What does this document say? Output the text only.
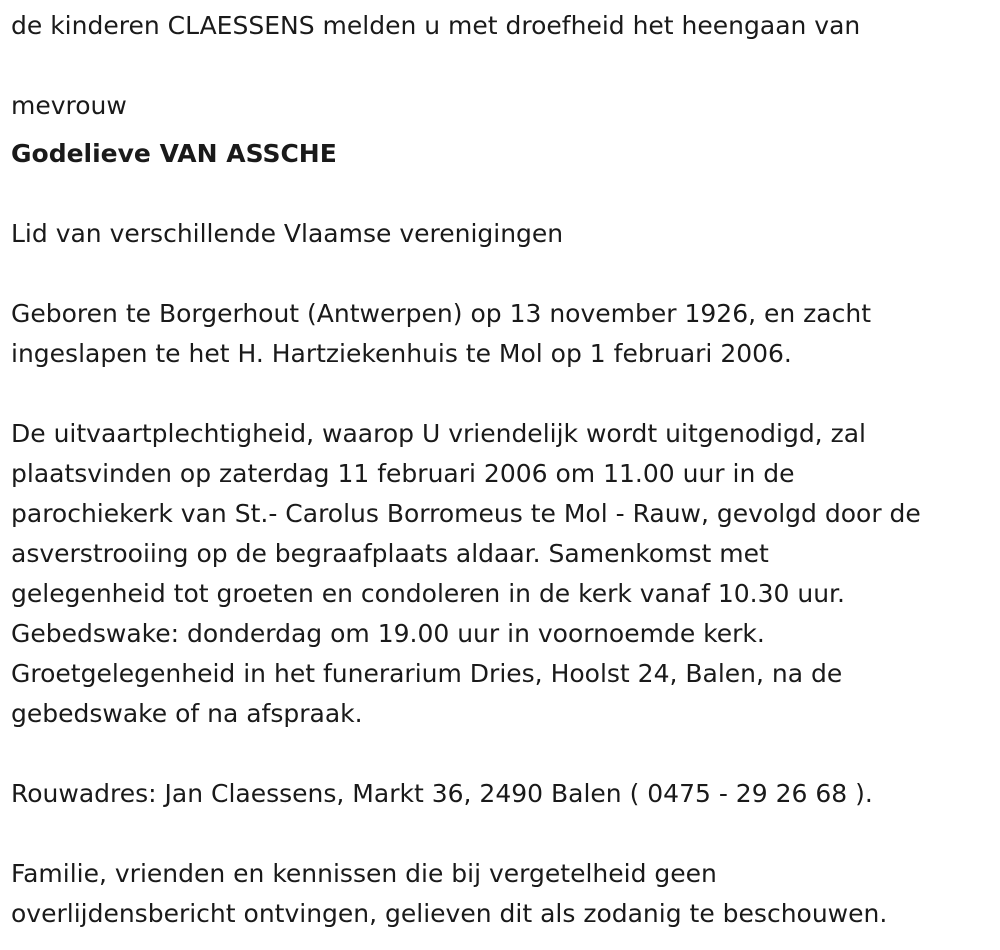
de kinderen CLAESSENS melden u met droefheid het heengaan van

mevrouw

Godelieve VAN ASSCHE

Lid van verschillende Vlaamse verenigingen

Geboren te Borgerhout (Antwerpen) op 13 november 1926, en zacht

ingeslapen te het H. Hartziekenhuis te Mol op 1 februari 2006.

De uitvaartplechtigheid, waarop U vriendelijk wordt uitgenodigd, zal

plaatsvinden op zaterdag 11 februari 2006 om 11.00 uur in de

parochiekerk van St.- Carolus Borromeus te Mol - Rauw, gevolgd door de

asverstrooiing op de begraafplaats aldaar. Samenkomst met

gelegenheid tot groeten en condoleren in de kerk vanaf 10.30 uur.

Gebedswake: donderdag om 19.00 uur in voornoemde kerk.

Groetgelegenheid in het funerarium Dries, Hoolst 24, Balen, na de

gebedswake of na afspraak.

Rouwadres: Jan Claessens, Markt 36, 2490 Balen ( 0475 - 29 26 68 ).

Familie, vrienden en kennissen die bij vergetelheid geen

overlijdensbericht ontvingen, gelieven dit als zodanig te beschouwen.
